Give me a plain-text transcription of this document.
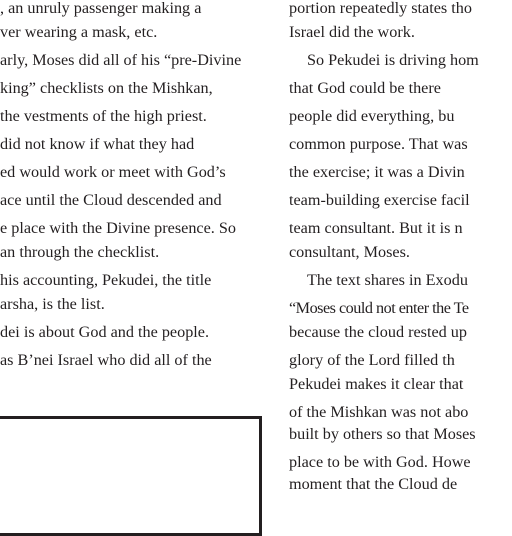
, an unruly passenger making a
ver wearing a mask, etc.
arly, Moses did all of his “pre-Divine
king” checklists on the Mishkan,
the vestments of the high priest.
did not know if what they had
ed would work or meet with God’s
ace until the Cloud descended and
e place with the Divine presence. So
an through the checklist.
his accounting, Pekudei, the title
arsha, is the list.
dei is about God and the people.
as B’nei Israel who did all of the
portion repeatedly states tho
Israel did the work.
So Pekudei is driving hom
that God could be there
people did everything, bu
common purpose. That was
the exercise; it was a Divin
team-building exercise facil
team consultant. But it is n
consultant, Moses.
The text shares in Exodu
“Moses could not enter the Te
because the cloud rested up
glory of the Lord filled th
Pekudei makes it clear that
of the Mishkan was not abo
built by others so that Moses
place to be with God. Howe
moment that the Cloud de
